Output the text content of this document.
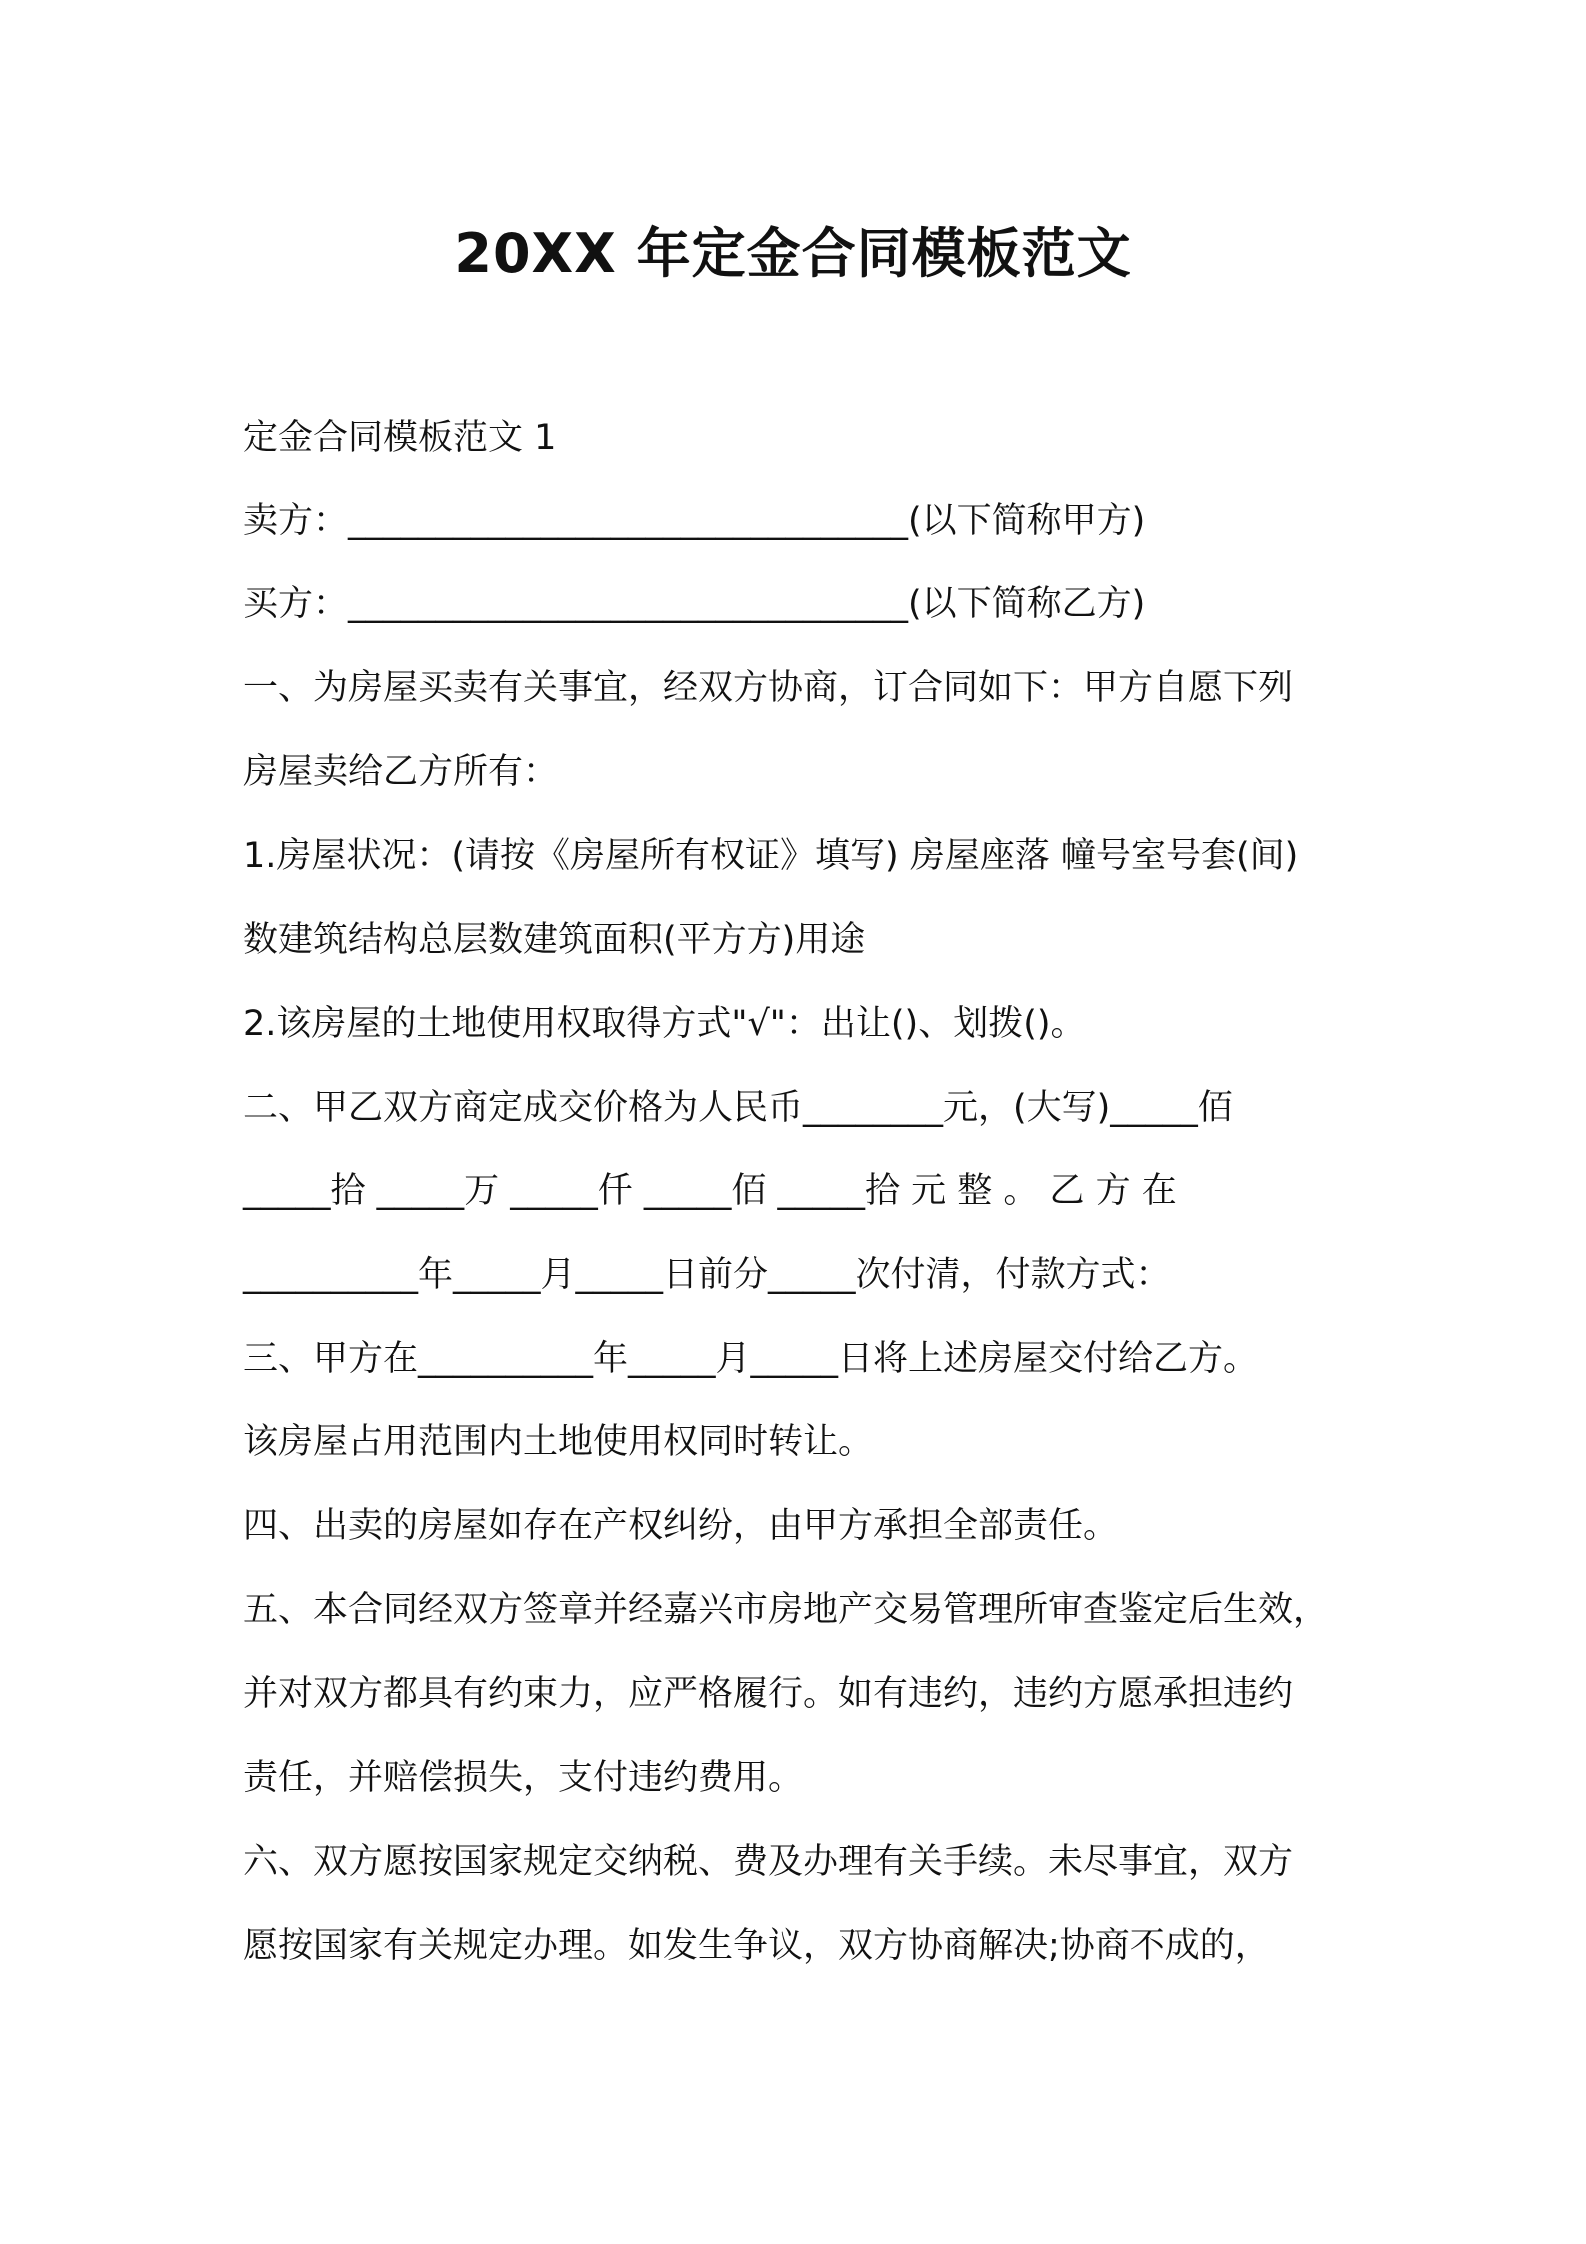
20XX 年定金合同模板范文
定金合同模板范文 1
卖方：________________________________(以下简称甲方)
买方：________________________________(以下简称乙方)
一、为房屋买卖有关事宜，经双方协商，订合同如下：甲方自愿下列
房屋卖给乙方所有：
1.房屋状况：(请按《房屋所有权证》填写) 房屋座落 幢号室号套(间)
数建筑结构总层数建筑面积(平方方)用途
2.该房屋的土地使用权取得方式"√"：出让()、划拨()。
二、甲乙双方商定成交价格为人民币________元，(大写)_____佰
_____拾 _____万 _____仟 _____佰 _____拾 元 整 。 乙 方 在
__________年_____月_____日前分_____次付清，付款方式：
三、甲方在__________年_____月_____日将上述房屋交付给乙方。
该房屋占用范围内土地使用权同时转让。
四、出卖的房屋如存在产权纠纷，由甲方承担全部责任。
五、本合同经双方签章并经嘉兴市房地产交易管理所审查鉴定后生效，
并对双方都具有约束力，应严格履行。如有违约，违约方愿承担违约
责任，并赔偿损失，支付违约费用。
六、双方愿按国家规定交纳税、费及办理有关手续。未尽事宜，双方
愿按国家有关规定办理。如发生争议，双方协商解决;协商不成的，
